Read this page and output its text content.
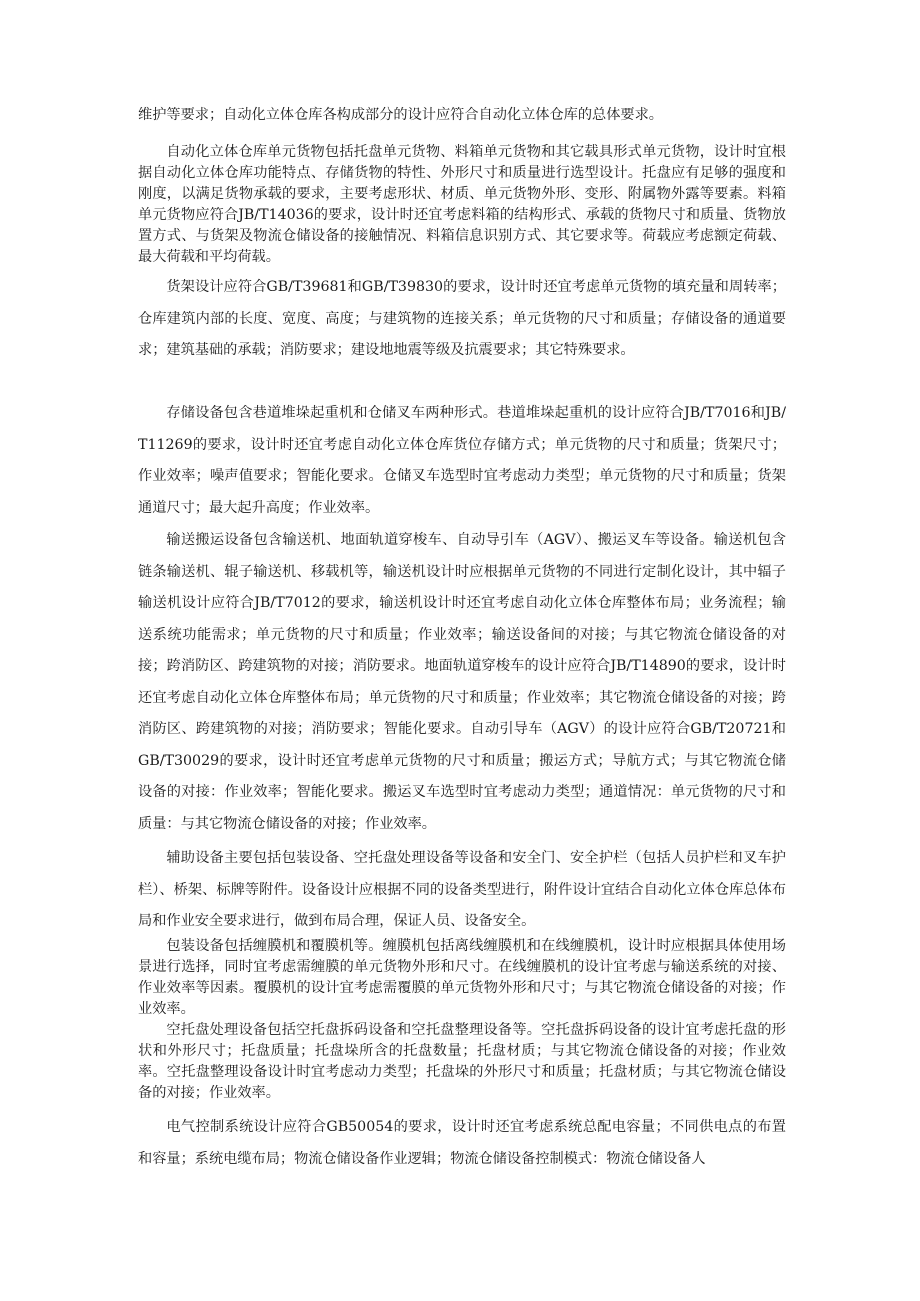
维护等要求；自动化立体仓库各构成部分的设计应符合自动化立体仓库的总体要求。

自动化立体仓库单元货物包括托盘单元货物、料箱单元货物和其它载具形式单元货物，设计时宜根据自动化立体仓库功能特点、存储货物的特性、外形尺寸和质量进行选型设计。托盘应有足够的强度和刚度，以满足货物承载的要求，主要考虑形状、材质、单元货物外形、变形、附属物外露等要素。料箱单元货物应符合JB/T14036的要求，设计时还宜考虑料箱的结构形式、承载的货物尺寸和质量、货物放置方式、与货架及物流仓储设备的接触情况、料箱信息识别方式、其它要求等。荷载应考虑额定荷载、最大荷载和平均荷载。

货架设计应符合GB/T39681和GB/T39830的要求，设计时还宜考虑单元货物的填充量和周转率；仓库建筑内部的长度、宽度、高度；与建筑物的连接关系；单元货物的尺寸和质量；存储设备的通道要求；建筑基础的承载；消防要求；建设地地震等级及抗震要求；其它特殊要求。

存储设备包含巷道堆垛起重机和仓储叉车两种形式。巷道堆垛起重机的设计应符合JB/T7016和JB/T11269的要求，设计时还宜考虑自动化立体仓库货位存储方式；单元货物的尺寸和质量；货架尺寸；作业效率；噪声值要求；智能化要求。仓储叉车选型时宜考虑动力类型；单元货物的尺寸和质量；货架通道尺寸；最大起升高度；作业效率。

输送搬运设备包含输送机、地面轨道穿梭车、自动导引车（AGV）、搬运叉车等设备。输送机包含链条输送机、辊子输送机、移载机等，输送机设计时应根据单元货物的不同进行定制化设计，其中辐子输送机设计应符合JB/T7012的要求，输送机设计时还宜考虑自动化立体仓库整体布局；业务流程；输送系统功能需求；单元货物的尺寸和质量；作业效率；输送设备间的对接；与其它物流仓储设备的对接；跨消防区、跨建筑物的对接；消防要求。地面轨道穿梭车的设计应符合JB/T14890的要求，设计时还宜考虑自动化立体仓库整体布局；单元货物的尺寸和质量；作业效率；其它物流仓储设备的对接；跨消防区、跨建筑物的对接；消防要求；智能化要求。自动引导车（AGV）的设计应符合GB/T20721和GB/T30029的要求，设计时还宜考虑单元货物的尺寸和质量；搬运方式；导航方式；与其它物流仓储设备的对接：作业效率；智能化要求。搬运叉车选型时宜考虑动力类型；通道情况：单元货物的尺寸和质量：与其它物流仓储设备的对接；作业效率。

辅助设备主要包括包装设备、空托盘处理设备等设备和安全门、安全护栏（包括人员护栏和叉车护栏）、桥架、标牌等附件。设备设计应根据不同的设备类型进行，附件设计宜结合自动化立体仓库总体布局和作业安全要求进行，做到布局合理，保证人员、设备安全。

包装设备包括缠膜机和覆膜机等。缠膜机包括离线缠膜机和在线缠膜机，设计时应根据具体使用场景进行选择，同时宜考虑需缠膜的单元货物外形和尺寸。在线缠膜机的设计宜考虑与输送系统的对接、作业效率等因素。覆膜机的设计宜考虑需覆膜的单元货物外形和尺寸；与其它物流仓储设备的对接；作业效率。

空托盘处理设备包括空托盘拆码设备和空托盘整理设备等。空托盘拆码设备的设计宜考虑托盘的形状和外形尺寸；托盘质量；托盘垛所含的托盘数量；托盘材质；与其它物流仓储设备的对接；作业效率。空托盘整理设备设计时宜考虑动力类型；托盘垛的外形尺寸和质量；托盘材质；与其它物流仓储设备的对接；作业效率。

电气控制系统设计应符合GB50054的要求，设计时还宜考虑系统总配电容量；不同供电点的布置和容量；系统电缆布局；物流仓储设备作业逻辑；物流仓储设备控制模式：物流仓储设备人
